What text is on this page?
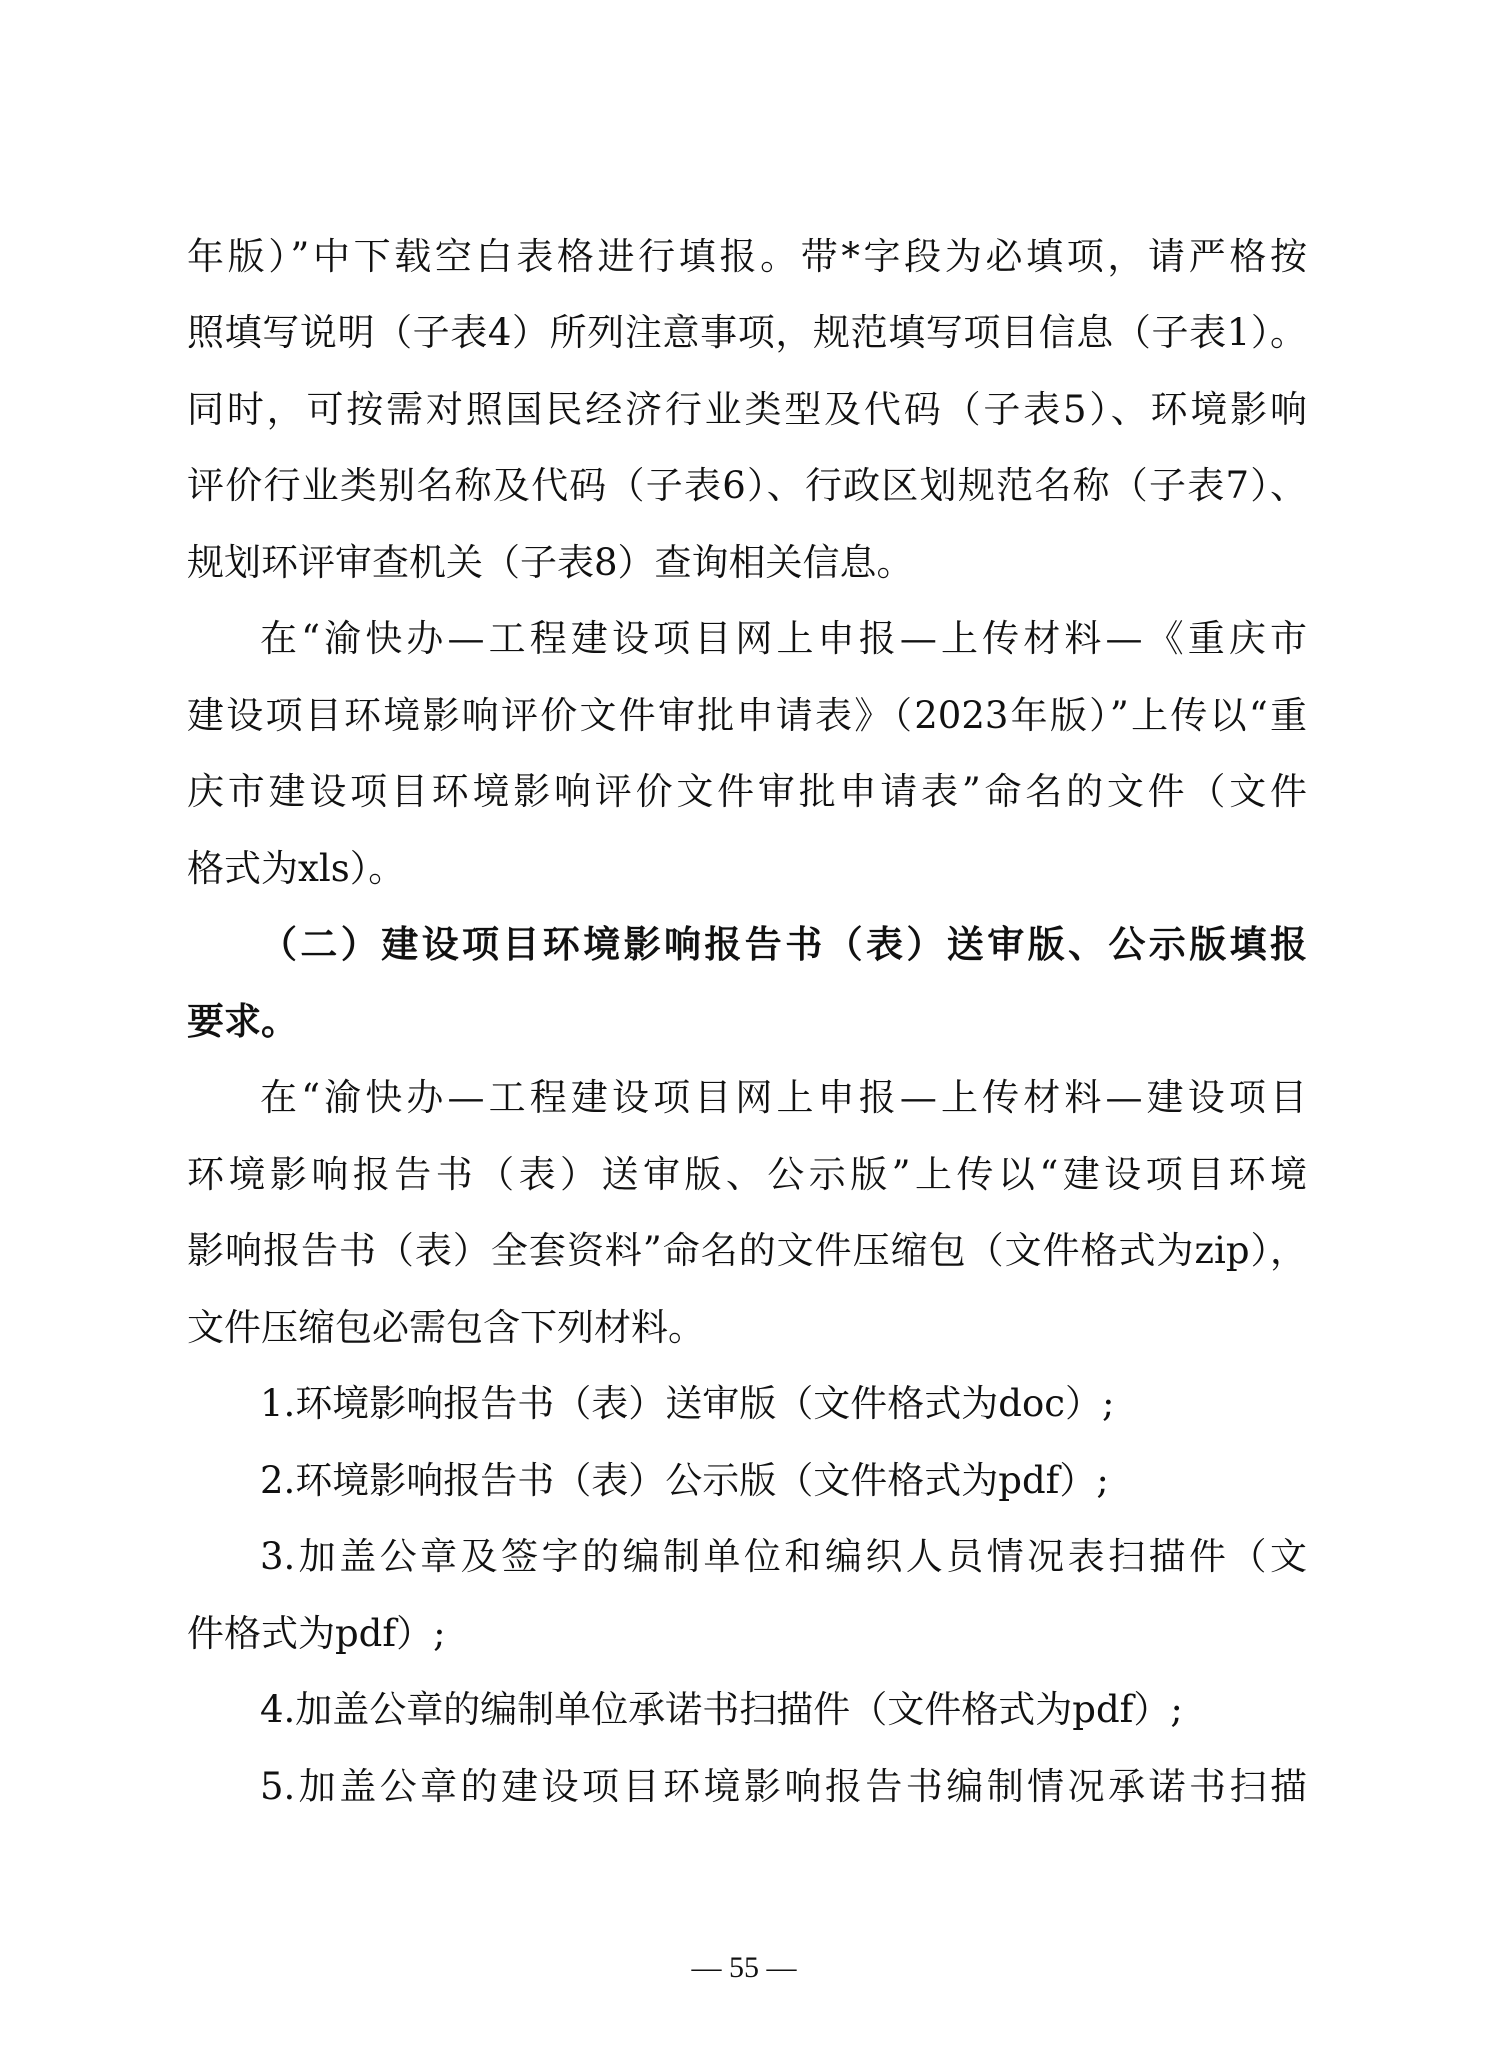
年版）”中下载空白表格进行填报。带*字段为必填项，请严格按
照填写说明（子表4）所列注意事项，规范填写项目信息（子表1）。
同时，可按需对照国民经济行业类型及代码（子表5）、环境影响
评价行业类别名称及代码（子表6）、行政区划规范名称（子表7）、
规划环评审查机关（子表8）查询相关信息。
在“渝快办—工程建设项目网上申报—上传材料—《重庆市
建设项目环境影响评价文件审批申请表》（2023年版）”上传以“重
庆市建设项目环境影响评价文件审批申请表”命名的文件（文件
格式为xls）。
（二）建设项目环境影响报告书（表）送审版、公示版填报
要求。
在“渝快办—工程建设项目网上申报—上传材料—建设项目
环境影响报告书（表）送审版、公示版”上传以“建设项目环境
影响报告书（表）全套资料”命名的文件压缩包（文件格式为zip），
文件压缩包必需包含下列材料。
1.环境影响报告书（表）送审版（文件格式为doc）;
2.环境影响报告书（表）公示版（文件格式为pdf）;
3.加盖公章及签字的编制单位和编织人员情况表扫描件（文
件格式为pdf）;
4.加盖公章的编制单位承诺书扫描件（文件格式为pdf）;
5.加盖公章的建设项目环境影响报告书编制情况承诺书扫描
— 55 —
